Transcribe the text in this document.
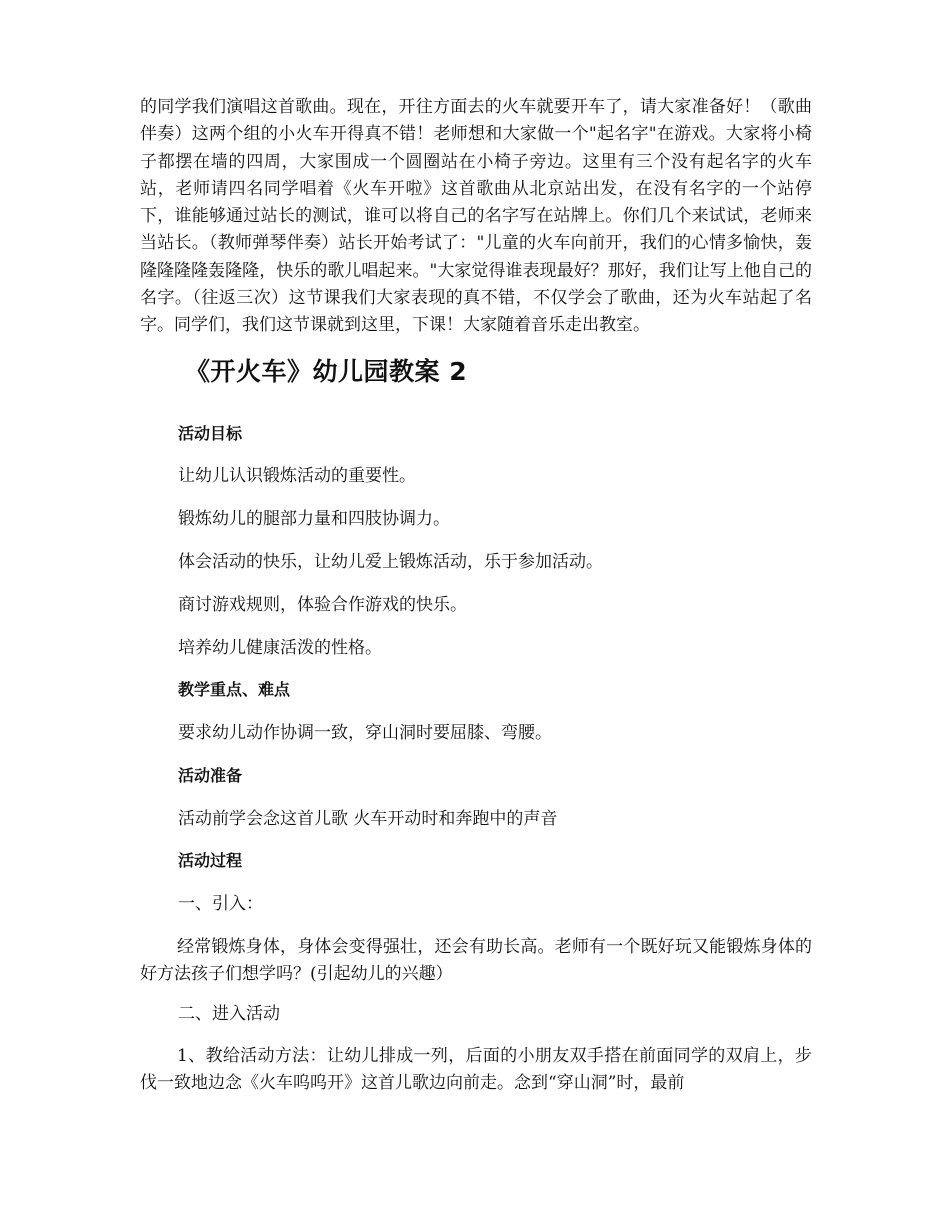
的同学我们演唱这首歌曲。现在，开往方面去的火车就要开车了，请大家准备好！（歌曲伴奏）这两个组的小火车开得真不错！老师想和大家做一个"起名字"在游戏。大家将小椅子都摆在墙的四周，大家围成一个圆圈站在小椅子旁边。这里有三个没有起名字的火车站，老师请四名同学唱着《火车开啦》这首歌曲从北京站出发，在没有名字的一个站停下，谁能够通过站长的测试，谁可以将自己的名字写在站牌上。你们几个来试试，老师来当站长。（教师弹琴伴奏）站长开始考试了："儿童的火车向前开，我们的心情多愉快，轰隆隆隆隆轰隆隆，快乐的歌儿唱起来。"大家觉得谁表现最好？那好，我们让写上他自己的名字。（往返三次）这节课我们大家表现的真不错，不仅学会了歌曲，还为火车站起了名字。同学们，我们这节课就到这里，下课！大家随着音乐走出教室。

《开火车》幼儿园教案 2

活动目标

让幼儿认识锻炼活动的重要性。

锻炼幼儿的腿部力量和四肢协调力。

体会活动的快乐，让幼儿爱上锻炼活动，乐于参加活动。

商讨游戏规则，体验合作游戏的快乐。

培养幼儿健康活泼的性格。

教学重点、难点

要求幼儿动作协调一致，穿山洞时要屈膝、弯腰。

活动准备

活动前学会念这首儿歌 火车开动时和奔跑中的声音

活动过程

一、引入：

经常锻炼身体，身体会变得强壮，还会有助长高。老师有一个既好玩又能锻炼身体的好方法孩子们想学吗？(引起幼儿的兴趣）

二、进入活动

1、教给活动方法：让幼儿排成一列，后面的小朋友双手搭在前面同学的双肩上，步伐一致地边念《火车呜呜开》这首儿歌边向前走。念到“穿山洞”时，最前
